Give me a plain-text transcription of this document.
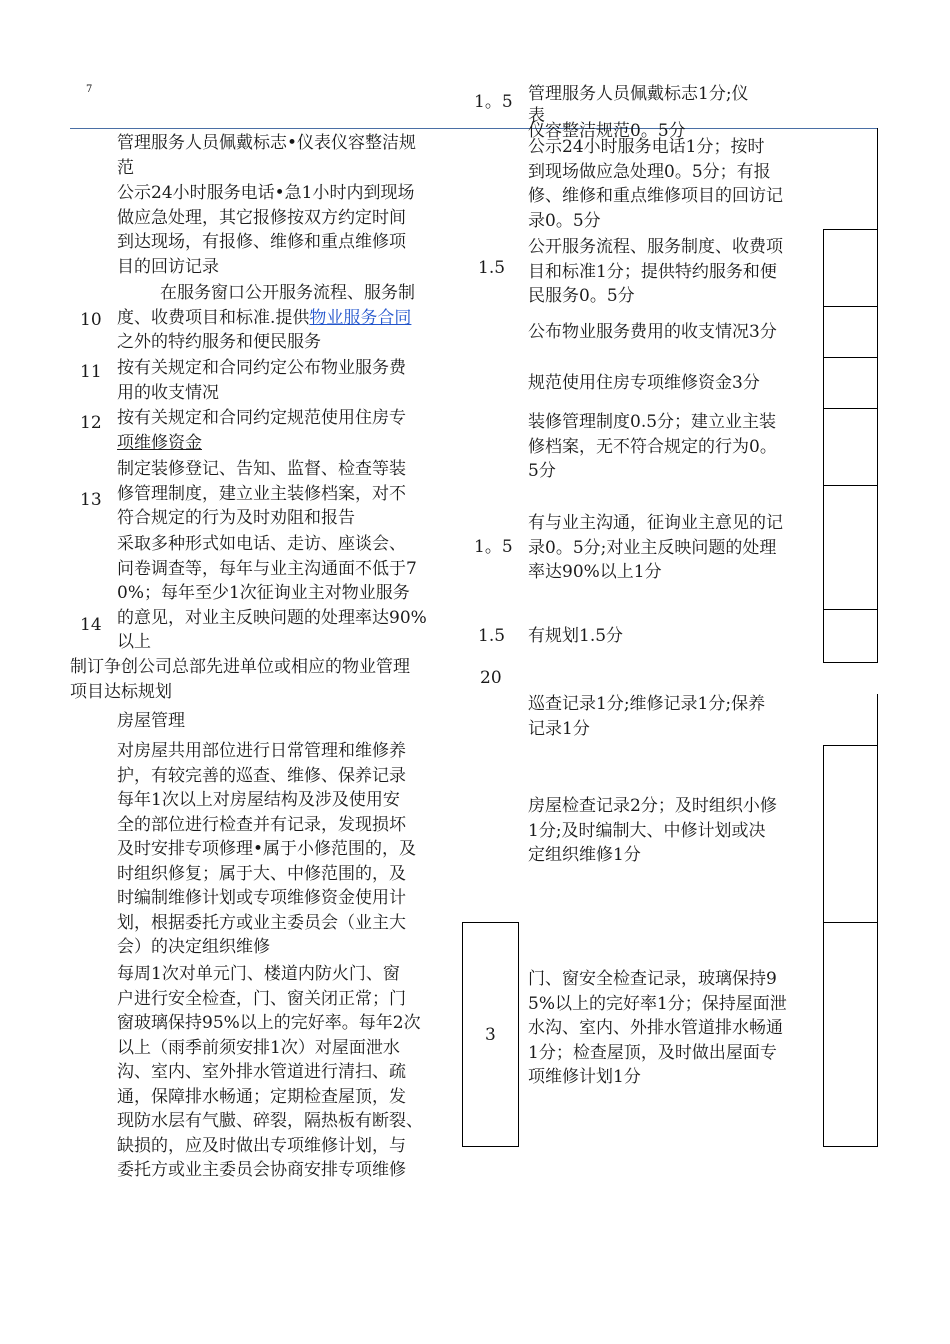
7
管理服务人员佩戴标志•仪表仪容整洁规
范
公示24小时服务电话•急1小时内到现场
做应急处理，其它报修按双方约定时间
到达现场，有报修、维修和重点维修项
目的回访记录
10
在服务窗口公开服务流程、服务制
度、收费项目和标准.提供物业服务合同
之外的特约服务和便民服务
11 按有关规定和合同约定公布物业服务费
用的收支情况
12 按有关规定和合同约定规范使用住房专
项维修资金
13
制定装修登记、告知、监督、检查等装
修管理制度，建立业主装修档案，对不
符合规定的行为及时劝阻和报告
14
采取多种形式如电话、走访、座谈会、
问卷调查等，每年与业主沟通面不低于7
0%；每年至少1次征询业主对物业服务
的意见，对业主反映问题的处理率达90%
以上
制订争创公司总部先进单位或相应的物业管理
项目达标规划
房屋管理
对房屋共用部位进行日常管理和维修养
护，有较完善的巡查、维修、保养记录
每年1次以上对房屋结构及涉及使用安
全的部位进行检查并有记录，发现损坏
及时安排专项修理•属于小修范围的，及
时组织修复；属于大、中修范围的，及
时编制维修计划或专项维修资金使用计
划，根据委托方或业主委员会（业主大
会）的决定组织维修
每周1次对单元门、楼道内防火门、窗
户进行安全检查，门、窗关闭正常；门
窗玻璃保持95%以上的完好率。每年2次
以上（雨季前须安排1次）对屋面泄水
沟、室内、室外排水管道进行清扫、疏
通，保障排水畅通；定期检查屋顶，发
现防水层有气臌、碎裂，隔热板有断裂、
缺损的，应及时做出专项维修计划，与
委托方或业主委员会协商安排专项维修
1。5
1.5
1。5
1.5
20
3
管理服务人员佩戴标志1分;仪
表
仪容整洁规范0。5分
公示24小时服务电话1分；按时
到现场做应急处理0。5分；有报
修、维修和重点维修项目的回访记
录0。5分
公开服务流程、服务制度、收费项
目和标准1分；提供特约服务和便
民服务0。5分
公布物业服务费用的收支情况3分
规范使用住房专项维修资金3分
装修管理制度0.5分；建立业主装
修档案，无不符合规定的行为0。
5分
有与业主沟通，征询业主意见的记
录0。5分;对业主反映问题的处理
率达90%以上1分
有规划1.5分
巡查记录1分;维修记录1分;保养
记录1分
房屋检查记录2分；及时组织小修
1分;及时编制大、中修计划或决
定组织维修1分
门、窗安全检查记录，玻璃保持9
5%以上的完好率1分；保持屋面泄
水沟、室内、外排水管道排水畅通
1分；检查屋顶，及时做出屋面专
项维修计划1分
